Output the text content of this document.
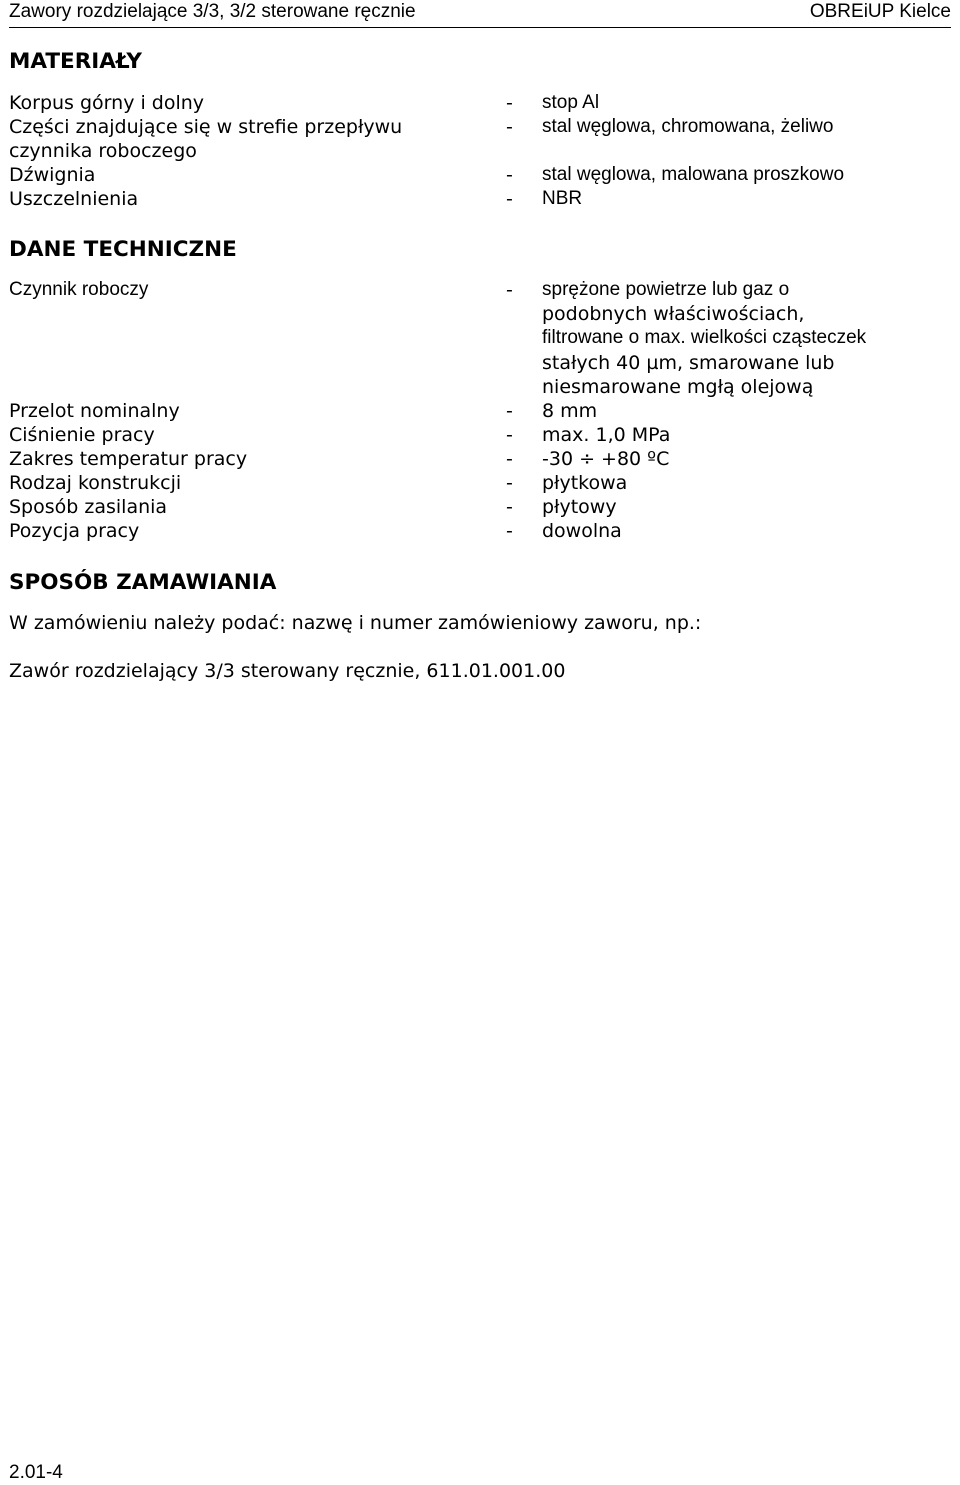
Zawory rozdzielające 3/3, 3/2 sterowane ręcznie	OBREiUP Kielce
MATERIAŁY
Korpus górny i dolny	- stop Al
Części znajdujące się w strefie przepływu	- stal węglowa, chromowana, żeliwo
czynnika roboczego
Dźwignia	- stal węglowa, malowana proszkowo
Uszczelnienia	- NBR
DANE TECHNICZNE
Czynnik roboczy	- sprężone powietrze lub gaz o
podobnych właściwościach,
filtrowane o max. wielkości cząsteczek
stałych 40 µm, smarowane lub
niesmarowane mgłą olejową
Przelot nominalny	- 8 mm
Ciśnienie pracy	- max. 1,0 MPa
Zakres temperatur pracy	- -30 ÷ +80 ºC
Rodzaj konstrukcji	- płytkowa
Sposób zasilania	- płytowy
Pozycja pracy	- dowolna
SPOSÓB ZAMAWIANIA
W zamówieniu należy podać: nazwę i numer zamówieniowy zaworu, np.:
Zawór rozdzielający 3/3 sterowany ręcznie, 611.01.001.00
2.01-4
